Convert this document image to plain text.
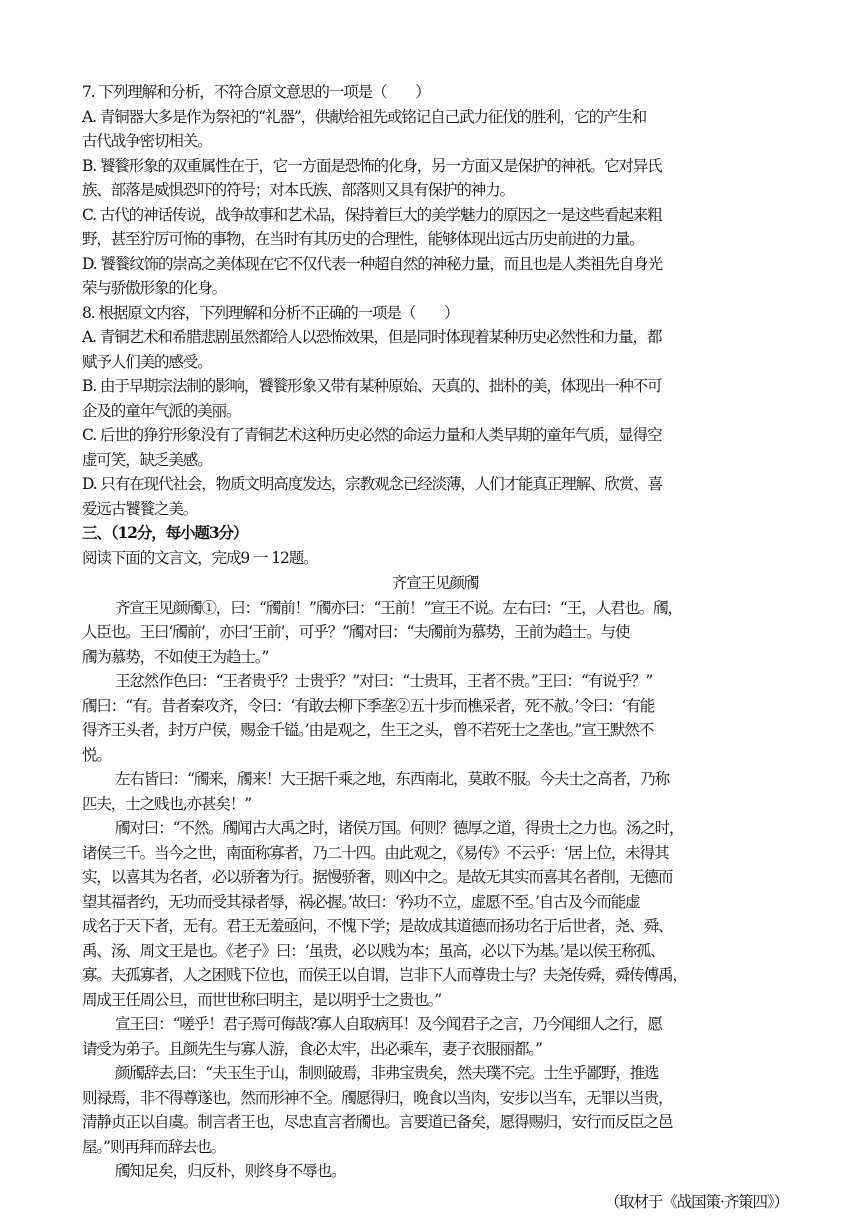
7. 下列理解和分析，不符合原文意思的一项是（　　）
A. 青铜器大多是作为祭祀的“礼器”，供献给祖先或铭记自己武力征伐的胜利，它的产生和
古代战争密切相关。
B. 饕餮形象的双重属性在于，它一方面是恐怖的化身，另一方面又是保护的神祇。它对异氏
族、部落是威惧恐吓的符号；对本氏族、部落则又具有保护的神力。
C. 古代的神话传说，战争故事和艺术品，保持着巨大的美学魅力的原因之一是这些看起来粗
野，甚至狞厉可怖的事物，在当时有其历史的合理性，能够体现出远古历史前进的力量。
D. 饕餮纹饰的崇高之美体现在它不仅代表一种超自然的神秘力量，而且也是人类祖先自身光
荣与骄傲形象的化身。
8. 根据原文内容，下列理解和分析不正确的一项是（　　）
A. 青铜艺术和希腊悲剧虽然都给人以恐怖效果，但是同时体现着某种历史必然性和力量，都
赋予人们美的感受。
B. 由于早期宗法制的影响，饕餮形象又带有某种原始、天真的、拙朴的美，体现出一种不可
企及的童年气派的美丽。
C. 后世的狰狞形象没有了青铜艺术这种历史必然的命运力量和人类早期的童年气质，显得空
虚可笑，缺乏美感。
D. 只有在现代社会，物质文明高度发达，宗教观念已经淡薄，人们才能真正理解、欣赏、喜
爱远古饕餮之美。
三、（12分，每小题3分）
阅读下面的文言文，完成9 一 12题。
齐宣王见颜斶
齐宣王见颜斶①，曰：“斶前！”斶亦曰：“王前！”宣王不说。左右曰：“王，人君也。斶，
人臣也。王曰‘斶前’，亦曰‘王前’，可乎？”斶对曰：“夫斶前为慕势，王前为趋士。与使
斶为慕势，不如使王为趋士。”
王忿然作色曰：“王者贵乎？士贵乎？”对曰：“士贵耳，王者不贵。”王曰：“有说乎？”
斶曰：“有。昔者秦攻齐，令曰：‘有敢去柳下季垄②五十步而樵采者，死不赦。’令曰：‘有能
得齐王头者，封万户侯，赐金千镒。’由是观之，生王之头，曾不若死士之垄也。”宣王默然不
悦。
左右皆曰：“斶来，斶来！大王据千乘之地，东西南北，莫敢不服。今夫士之高者，乃称
匹夫，士之贱也,亦甚矣！”
斶对曰：“不然。斶闻古大禹之时，诸侯万国。何则？德厚之道，得贵士之力也。汤之时，
诸侯三千。当今之世，南面称寡者，乃二十四。由此观之，《易传》不云乎：‘居上位，未得其
实，以喜其为名者，必以骄奢为行。据慢骄奢，则凶中之。是故无其实而喜其名者削，无德而
望其福者约，无功而受其禄者辱，祸必握。’故曰：‘矜功不立，虚愿不至。’自古及今而能虚
成名于天下者，无有。君王无羞亟问，不愧下学；是故成其道德而扬功名于后世者，尧、舜、
禹、汤、周文王是也。《老子》曰：‘虽贵，必以贱为本；虽高，必以下为基。’是以侯王称孤、
寡。夫孤寡者，人之困贱下位也，而侯王以自谓，岂非下人而尊贵士与？夫尧传舜，舜传傅禹，
周成王任周公旦，而世世称曰明主，是以明乎士之贵也。”
宣王曰：“嗟乎！君子焉可侮哉?寡人自取病耳！及今闻君子之言，乃今闻细人之行，愿
请受为弟子。且颜先生与寡人游，食必太牢，出必乘车，妻子衣服丽都。”
颜斶辞去,曰：“夫玉生于山，制则破焉，非弗宝贵矣，然夫璞不完。士生乎鄙野，推选
则禄焉，非不得尊遂也，然而形神不全。斶愿得归，晚食以当肉，安步以当车，无罪以当贵，
清静贞正以自虞。制言者王也，尽忠直言者斶也。言要道已备矣，愿得赐归，安行而反臣之邑
屋。”则再拜而辞去也。
斶知足矣，归反朴，则终身不辱也。
（取材于《战国策·齐策四》）
